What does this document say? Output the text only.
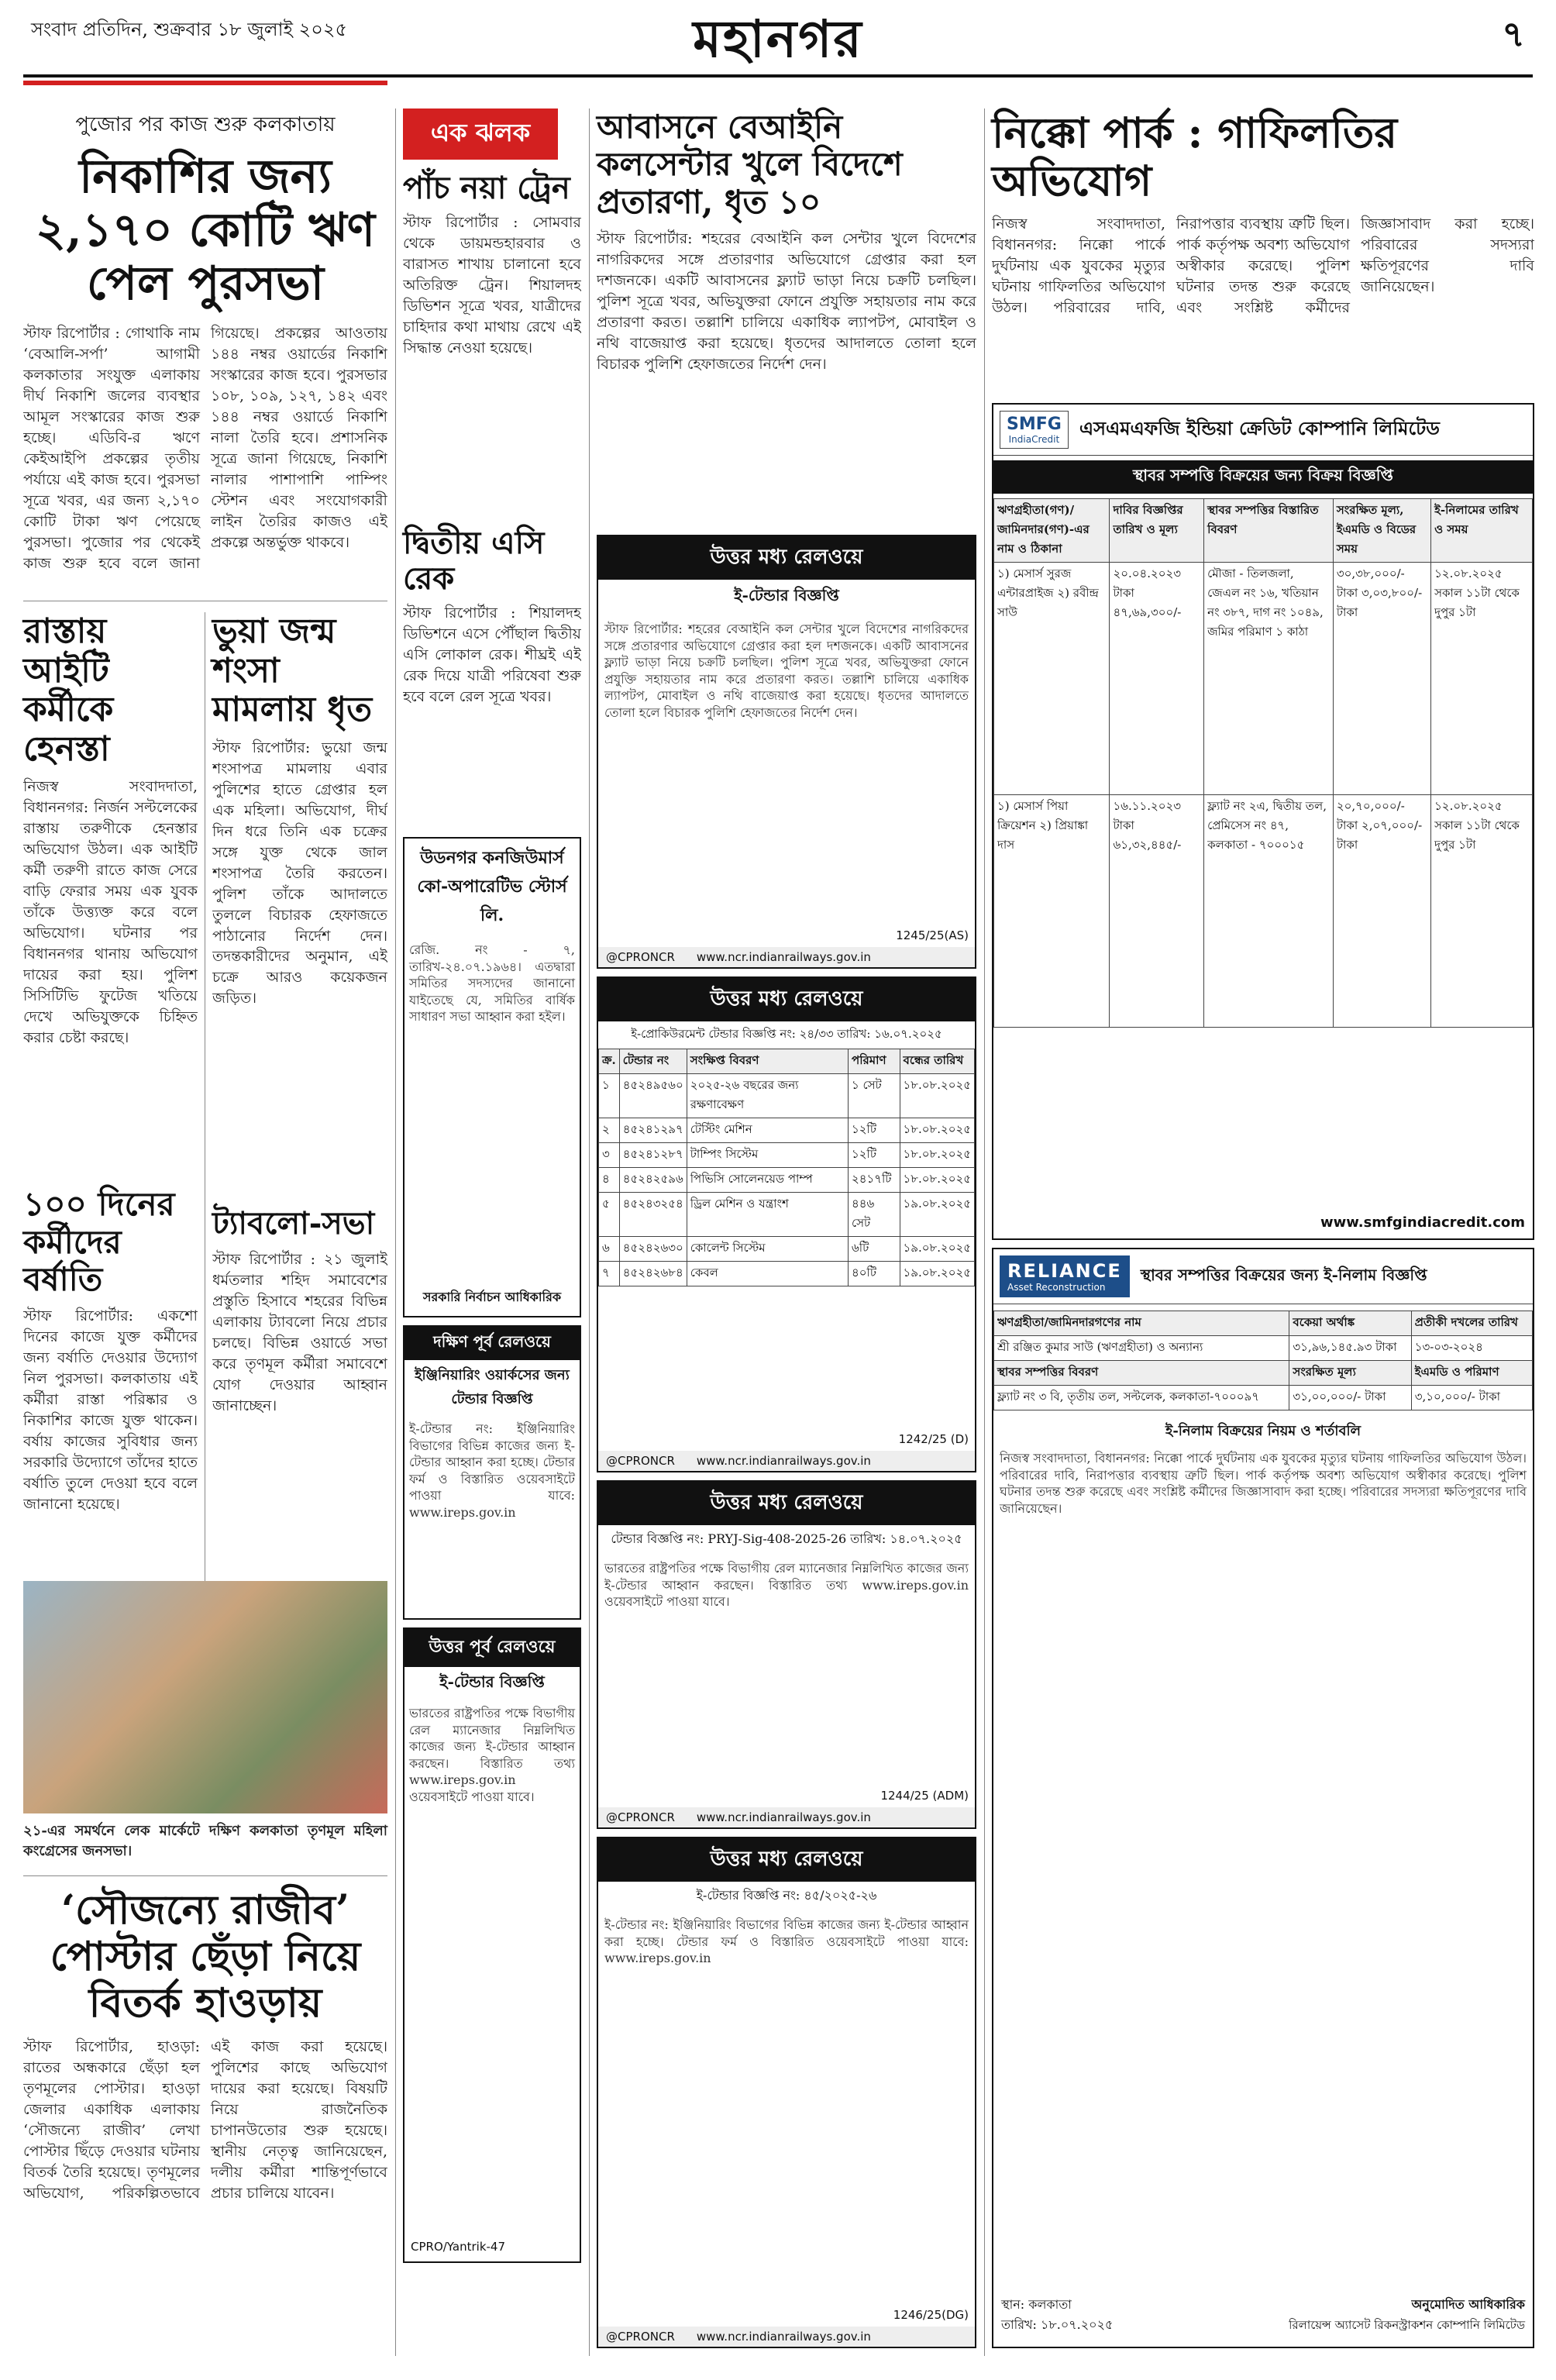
সংবাদ প্রতিদিন, শুক্রবার ১৮ জুলাই ২০২৫	মহানগর	৭
পুজোর পর কাজ শুরু কলকাতায়
নিকাশির জন্য ২,১৭০ কোটি ঋণ পেল পুরসভা
স্টাফ রিপোর্টার : গোথাকি নাম ‘বেআলি-সর্পা’ আগামী কলকাতার সংযুক্ত এলাকায় দীর্ঘ নিকাশি জলের ব্যবস্থার আমূল সংস্কারের কাজ শুরু হচ্ছে। এডিবি-র ঋণে কেইআইপি প্রকল্পের তৃতীয় পর্যায়ে এই কাজ হবে। পুরসভা সূত্রে খবর, এর জন্য ২,১৭০ কোটি টাকা ঋণ পেয়েছে পুরসভা। পুজোর পর থেকেই কাজ শুরু হবে বলে জানা গিয়েছে। প্রকল্পের আওতায় ১৪৪ নম্বর ওয়ার্ডের নিকাশি সংস্কারের কাজ হবে। পুরসভার ১০৮, ১০৯, ১২৭, ১৪২ এবং ১৪৪ নম্বর ওয়ার্ডে নিকাশি নালা তৈরি হবে। প্রশাসনিক সূত্রে জানা গিয়েছে, নিকাশি নালার পাশাপাশি পাম্পিং স্টেশন এবং সংযোগকারী লাইন তৈরির কাজও এই প্রকল্পে অন্তর্ভুক্ত থাকবে।
রাস্তায় আইটি কর্মীকে হেনস্তা
নিজস্ব সংবাদদাতা, বিধাননগর: নির্জন সল্টলেকের রাস্তায় তরুণীকে হেনস্তার অভিযোগ উঠল। এক আইটি কর্মী তরুণী রাতে কাজ সেরে বাড়ি ফেরার সময় এক যুবক তাঁকে উত্ত্যক্ত করে বলে অভিযোগ। ঘটনার পর বিধাননগর থানায় অভিযোগ দায়ের করা হয়। পুলিশ সিসিটিভি ফুটেজ খতিয়ে দেখে অভিযুক্তকে চিহ্নিত করার চেষ্টা করছে।
১০০ দিনের কর্মীদের বর্ষাতি
স্টাফ রিপোর্টার: একশো দিনের কাজে যুক্ত কর্মীদের জন্য বর্ষাতি দেওয়ার উদ্যোগ নিল পুরসভা। কলকাতায় এই কর্মীরা রাস্তা পরিষ্কার ও নিকাশির কাজে যুক্ত থাকেন। বর্ষায় কাজের সুবিধার জন্য সরকারি উদ্যোগে তাঁদের হাতে বর্ষাতি তুলে দেওয়া হবে বলে জানানো হয়েছে।
ভুয়া জন্ম শংসা মামলায় ধৃত
স্টাফ রিপোর্টার: ভুয়ো জন্ম শংসাপত্র মামলায় এবার পুলিশের হাতে গ্রেপ্তার হল এক মহিলা। অভিযোগ, দীর্ঘ দিন ধরে তিনি এক চক্রের সঙ্গে যুক্ত থেকে জাল শংসাপত্র তৈরি করতেন। পুলিশ তাঁকে আদালতে তুললে বিচারক হেফাজতে পাঠানোর নির্দেশ দেন। তদন্তকারীদের অনুমান, এই চক্রে আরও কয়েকজন জড়িত।
ট্যাবলো-সভা
স্টাফ রিপোর্টার : ২১ জুলাই ধর্মতলার শহিদ সমাবেশের প্রস্তুতি হিসাবে শহরের বিভিন্ন এলাকায় ট্যাবলো নিয়ে প্রচার চলছে। বিভিন্ন ওয়ার্ডে সভা করে তৃণমূল কর্মীরা সমাবেশে যোগ দেওয়ার আহ্বান জানাচ্ছেন।
২১-এর সমর্থনে লেক মার্কেটে দক্ষিণ কলকাতা তৃণমূল মহিলা কংগ্রেসের জনসভা।
‘সৌজন্যে রাজীব’ পোস্টার ছেঁড়া নিয়ে বিতর্ক হাওড়ায়
স্টাফ রিপোর্টার, হাওড়া: রাতের অন্ধকারে ছেঁড়া হল তৃণমূলের পোস্টার। হাওড়া জেলার একাধিক এলাকায় ‘সৌজন্যে রাজীব’ লেখা পোস্টার ছিঁড়ে দেওয়ার ঘটনায় বিতর্ক তৈরি হয়েছে। তৃণমূলের অভিযোগ, পরিকল্পিতভাবে এই কাজ করা হয়েছে। পুলিশের কাছে অভিযোগ দায়ের করা হয়েছে। বিষয়টি নিয়ে রাজনৈতিক চাপানউতোর শুরু হয়েছে। স্থানীয় নেতৃত্ব জানিয়েছেন, দলীয় কর্মীরা শান্তিপূর্ণভাবে প্রচার চালিয়ে যাবেন।
এক ঝলক
পাঁচ নয়া ট্রেন
স্টাফ রিপোর্টার : সোমবার থেকে ডায়মন্ডহারবার ও বারাসত শাখায় চালানো হবে অতিরিক্ত ট্রেন। শিয়ালদহ ডিভিশন সূত্রে খবর, যাত্রীদের চাহিদার কথা মাথায় রেখে এই সিদ্ধান্ত নেওয়া হয়েছে।
দ্বিতীয় এসি রেক
স্টাফ রিপোর্টার : শিয়ালদহ ডিভিশনে এসে পৌঁছাল দ্বিতীয় এসি লোকাল রেক। শীঘ্রই এই রেক দিয়ে যাত্রী পরিষেবা শুরু হবে বলে রেল সূত্রে খবর।
উডনগর কনজিউমার্স কো-অপারেটিভ স্টোর্স লি.
রেজি. নং - ৭, তারিখ-২৪.০৭.১৯৬৪। এতদ্বারা সমিতির সদস্যদের জানানো যাইতেছে যে, সমিতির বার্ষিক সাধারণ সভা আহ্বান করা হইল।
সরকারি নির্বাচন আধিকারিক
দক্ষিণ পূর্ব রেলওয়ে
ইঞ্জিনিয়ারিং ওয়ার্কসের জন্য টেন্ডার বিজ্ঞপ্তি
ই-টেন্ডার নং: ইঞ্জিনিয়ারিং বিভাগের বিভিন্ন কাজের জন্য ই-টেন্ডার আহ্বান করা হচ্ছে। টেন্ডার ফর্ম ও বিস্তারিত ওয়েবসাইটে পাওয়া যাবে: www.ireps.gov.in
উত্তর পূর্ব রেলওয়ে
ই-টেন্ডার বিজ্ঞপ্তি
ভারতের রাষ্ট্রপতির পক্ষে বিভাগীয় রেল ম্যানেজার নিম্নলিখিত কাজের জন্য ই-টেন্ডার আহ্বান করছেন। বিস্তারিত তথ্য www.ireps.gov.in ওয়েবসাইটে পাওয়া যাবে।
CPRO/Yantrik-47
আবাসনে বেআইনি কলসেন্টার খুলে বিদেশে প্রতারণা, ধৃত ১০
স্টাফ রিপোর্টার: শহরের বেআইনি কল সেন্টার খুলে বিদেশের নাগরিকদের সঙ্গে প্রতারণার অভিযোগে গ্রেপ্তার করা হল দশজনকে। একটি আবাসনের ফ্ল্যাট ভাড়া নিয়ে চক্রটি চলছিল। পুলিশ সূত্রে খবর, অভিযুক্তরা ফোনে প্রযুক্তি সহায়তার নাম করে প্রতারণা করত। তল্লাশি চালিয়ে একাধিক ল্যাপটপ, মোবাইল ও নথি বাজেয়াপ্ত করা হয়েছে। ধৃতদের আদালতে তোলা হলে বিচারক পুলিশি হেফাজতের নির্দেশ দেন।
উত্তর মধ্য রেলওয়ে
ই-টেন্ডার বিজ্ঞপ্তি
স্টাফ রিপোর্টার: শহরের বেআইনি কল সেন্টার খুলে বিদেশের নাগরিকদের সঙ্গে প্রতারণার অভিযোগে গ্রেপ্তার করা হল দশজনকে। একটি আবাসনের ফ্ল্যাট ভাড়া নিয়ে চক্রটি চলছিল। পুলিশ সূত্রে খবর, অভিযুক্তরা ফোনে প্রযুক্তি সহায়তার নাম করে প্রতারণা করত। তল্লাশি চালিয়ে একাধিক ল্যাপটপ, মোবাইল ও নথি বাজেয়াপ্ত করা হয়েছে। ধৃতদের আদালতে তোলা হলে বিচারক পুলিশি হেফাজতের নির্দেশ দেন।
1245/25(AS)
@CPRONCR www.ncr.indianrailways.gov.in
উত্তর মধ্য রেলওয়ে
ই-প্রোকিউরমেন্ট টেন্ডার বিজ্ঞপ্তি নং: ২৪/৩৩ তারিখ: ১৬.০৭.২০২৫
ক্র.	টেন্ডার নং	সংক্ষিপ্ত বিবরণ	পরিমাণ	বন্ধের তারিখ
১	৪৫২৪৯৫৬০	২০২৫-২৬ বছরের জন্য রক্ষণাবেক্ষণ	১ সেট	১৮.০৮.২০২৫
২	৪৫২৪১২৯৭	টেস্টিং মেশিন	১২টি	১৮.০৮.২০২৫
৩	৪৫২৪১২৮৭	টাম্পিং সিস্টেম	১২টি	১৮.০৮.২০২৫
৪	৪৫২৪২৫৯৬	পিভিসি সোলেনয়েড পাম্প	২৪১৭টি	১৮.০৮.২০২৫
৫	৪৫২৪৩২৫৪	ড্রিল মেশিন ও যন্ত্রাংশ	৪৪৬ সেট	১৯.০৮.২০২৫
৬	৪৫২৪২৬৩০	কোলেন্ট সিস্টেম	৬টি	১৯.০৮.২০২৫
৭	৪৫২৪২৬৮৪	কেবল	৪০টি	১৯.০৮.২০২৫
1242/25 (D)
@CPRONCR www.ncr.indianrailways.gov.in
উত্তর মধ্য রেলওয়ে
টেন্ডার বিজ্ঞপ্তি নং: PRYJ-Sig-408-2025-26 তারিখ: ১৪.০৭.২০২৫
ভারতের রাষ্ট্রপতির পক্ষে বিভাগীয় রেল ম্যানেজার নিম্নলিখিত কাজের জন্য ই-টেন্ডার আহ্বান করছেন। বিস্তারিত তথ্য www.ireps.gov.in ওয়েবসাইটে পাওয়া যাবে।
1244/25 (ADM)
@CPRONCR www.ncr.indianrailways.gov.in
উত্তর মধ্য রেলওয়ে
ই-টেন্ডার বিজ্ঞপ্তি নং: ৪৫/২০২৫-২৬
ই-টেন্ডার নং: ইঞ্জিনিয়ারিং বিভাগের বিভিন্ন কাজের জন্য ই-টেন্ডার আহ্বান করা হচ্ছে। টেন্ডার ফর্ম ও বিস্তারিত ওয়েবসাইটে পাওয়া যাবে: www.ireps.gov.in
1246/25(DG)
@CPRONCR www.ncr.indianrailways.gov.in
নিক্কো পার্ক : গাফিলতির অভিযোগ
নিজস্ব সংবাদদাতা, বিধাননগর: নিক্কো পার্কে দুর্ঘটনায় এক যুবকের মৃত্যুর ঘটনায় গাফিলতির অভিযোগ উঠল। পরিবারের দাবি, নিরাপত্তার ব্যবস্থায় ত্রুটি ছিল। পার্ক কর্তৃপক্ষ অবশ্য অভিযোগ অস্বীকার করেছে। পুলিশ ঘটনার তদন্ত শুরু করেছে এবং সংশ্লিষ্ট কর্মীদের জিজ্ঞাসাবাদ করা হচ্ছে। পরিবারের সদস্যরা ক্ষতিপূরণের দাবি জানিয়েছেন।
SMFG
IndiaCredit
এসএমএফজি ইন্ডিয়া ক্রেডিট কোম্পানি লিমিটেড
স্থাবর সম্পত্তি বিক্রয়ের জন্য বিক্রয় বিজ্ঞপ্তি
ঋণগ্রহীতা(গণ)/জামিনদার(গণ)-এর নাম ও ঠিকানা	দাবির বিজ্ঞপ্তির তারিখ ও মূল্য	স্থাবর সম্পত্তির বিস্তারিত বিবরণ	সংরক্ষিত মূল্য, ইএমডি ও বিডের সময়	ই-নিলামের তারিখ ও সময়
১) মেসার্স সুরজ এন্টারপ্রাইজ ২) রবীন্দ্র সাউ	২০.০৪.২০২৩ টাকা ৪৭,৬৯,৩০০/-	মৌজা - তিলজলা, জেএল নং ১৬, খতিয়ান নং ৩৮৭, দাগ নং ১০৪৯, জমির পরিমাণ ১ কাঠা	৩০,৩৮,০০০/- টাকা ৩,০৩,৮০০/- টাকা	১২.০৮.২০২৫ সকাল ১১টা থেকে দুপুর ১টা
১) মেসার্স পিয়া ক্রিয়েশন ২) প্রিয়াঙ্কা দাস	১৬.১১.২০২৩ টাকা ৬১,৩২,৪৪৫/-	ফ্ল্যাট নং ২এ, দ্বিতীয় তল, প্রেমিসেস নং ৪৭, কলকাতা - ৭০০০১৫	২০,৭০,০০০/- টাকা ২,০৭,০০০/- টাকা	১২.০৮.২০২৫ সকাল ১১টা থেকে দুপুর ১টা
www.smfgindiacredit.com
RELIANCE
Asset Reconstruction
স্থাবর সম্পত্তির বিক্রয়ের জন্য ই-নিলাম বিজ্ঞপ্তি
ঋণগ্রহীতা/জামিনদারগণের নাম	বকেয়া অর্থাঙ্ক	প্রতীকী দখলের তারিখ
শ্রী রঞ্জিত কুমার সাউ (ঋণগ্রহীতা) ও অন্যান্য	৩১,৯৬,১৪৫.৯৩ টাকা	১৩-০৩-২০২৪
স্থাবর সম্পত্তির বিবরণ	সংরক্ষিত মূল্য	ইএমডি ও পরিমাণ
ফ্ল্যাট নং ৩ বি, তৃতীয় তল, সল্টলেক, কলকাতা-৭০০০৯৭	৩১,০০,০০০/- টাকা	৩,১০,০০০/- টাকা
ই-নিলাম বিক্রয়ের নিয়ম ও শর্তাবলি
নিজস্ব সংবাদদাতা, বিধাননগর: নিক্কো পার্কে দুর্ঘটনায় এক যুবকের মৃত্যুর ঘটনায় গাফিলতির অভিযোগ উঠল। পরিবারের দাবি, নিরাপত্তার ব্যবস্থায় ত্রুটি ছিল। পার্ক কর্তৃপক্ষ অবশ্য অভিযোগ অস্বীকার করেছে। পুলিশ ঘটনার তদন্ত শুরু করেছে এবং সংশ্লিষ্ট কর্মীদের জিজ্ঞাসাবাদ করা হচ্ছে। পরিবারের সদস্যরা ক্ষতিপূরণের দাবি জানিয়েছেন।
স্থান: কলকাতা
তারিখ: ১৮.০৭.২০২৫
অনুমোদিত আধিকারিক
রিলায়েন্স অ্যাসেট রিকনস্ট্রাকশন কোম্পানি লিমিটেড
